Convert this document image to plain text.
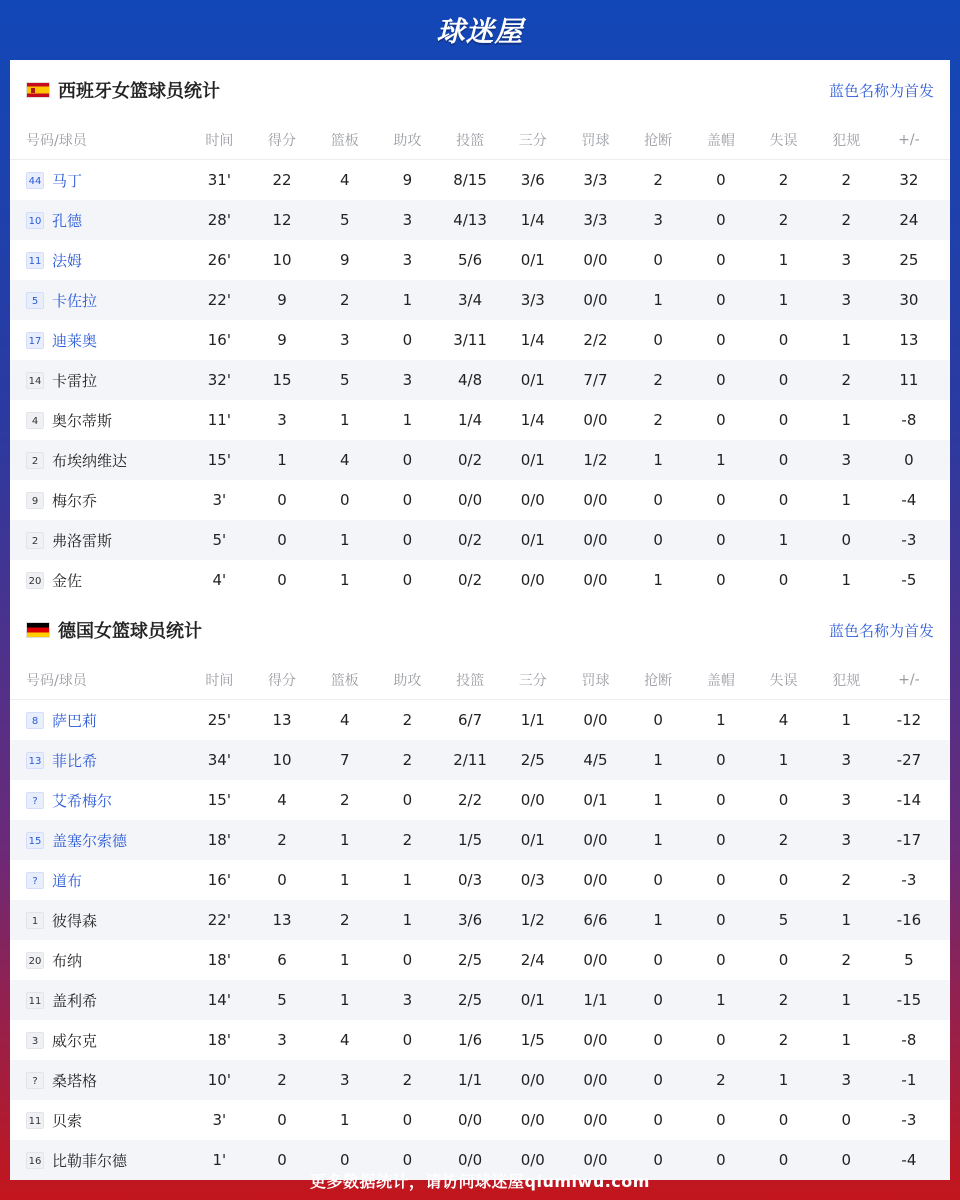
球迷屋
西班牙女篮球员统计	蓝色名称为首发
号码/球员	时间	得分	篮板	助攻	投篮	三分	罚球	抢断	盖帽	失误	犯规	+/-
44 马丁	31'	22	4	9	8/15	3/6	3/3	2	0	2	2	32
10 孔德	28'	12	5	3	4/13	1/4	3/3	3	0	2	2	24
11 法姆	26'	10	9	3	5/6	0/1	0/0	0	0	1	3	25
5 卡佐拉	22'	9	2	1	3/4	3/3	0/0	1	0	1	3	30
17 迪莱奥	16'	9	3	0	3/11	1/4	2/2	0	0	0	1	13
14 卡雷拉	32'	15	5	3	4/8	0/1	7/7	2	0	0	2	11
4 奥尔蒂斯	11'	3	1	1	1/4	1/4	0/0	2	0	0	1	-8
2 布埃纳维达	15'	1	4	0	0/2	0/1	1/2	1	1	0	3	0
9 梅尔乔	3'	0	0	0	0/0	0/0	0/0	0	0	0	1	-4
2 弗洛雷斯	5'	0	1	0	0/2	0/1	0/0	0	0	1	0	-3
20 金佐	4'	0	1	0	0/2	0/0	0/0	1	0	0	1	-5
德国女篮球员统计	蓝色名称为首发
号码/球员	时间	得分	篮板	助攻	投篮	三分	罚球	抢断	盖帽	失误	犯规	+/-
8 萨巴莉	25'	13	4	2	6/7	1/1	0/0	0	1	4	1	-12
13 菲比希	34'	10	7	2	2/11	2/5	4/5	1	0	1	3	-27
? 艾希梅尔	15'	4	2	0	2/2	0/0	0/1	1	0	0	3	-14
15 盖塞尔索德	18'	2	1	2	1/5	0/1	0/0	1	0	2	3	-17
? 道布	16'	0	1	1	0/3	0/3	0/0	0	0	0	2	-3
1 彼得森	22'	13	2	1	3/6	1/2	6/6	1	0	5	1	-16
20 布纳	18'	6	1	0	2/5	2/4	0/0	0	0	0	2	5
11 盖利希	14'	5	1	3	2/5	0/1	1/1	0	1	2	1	-15
3 威尔克	18'	3	4	0	1/6	1/5	0/0	0	0	2	1	-8
? 桑塔格	10'	2	3	2	1/1	0/0	0/0	0	2	1	3	-1
11 贝索	3'	0	1	0	0/0	0/0	0/0	0	0	0	0	-3
16 比勒菲尔德	1'	0	0	0	0/0	0/0	0/0	0	0	0	0	-4
更多数据统计，请访问球迷屋qiumiwu.com
